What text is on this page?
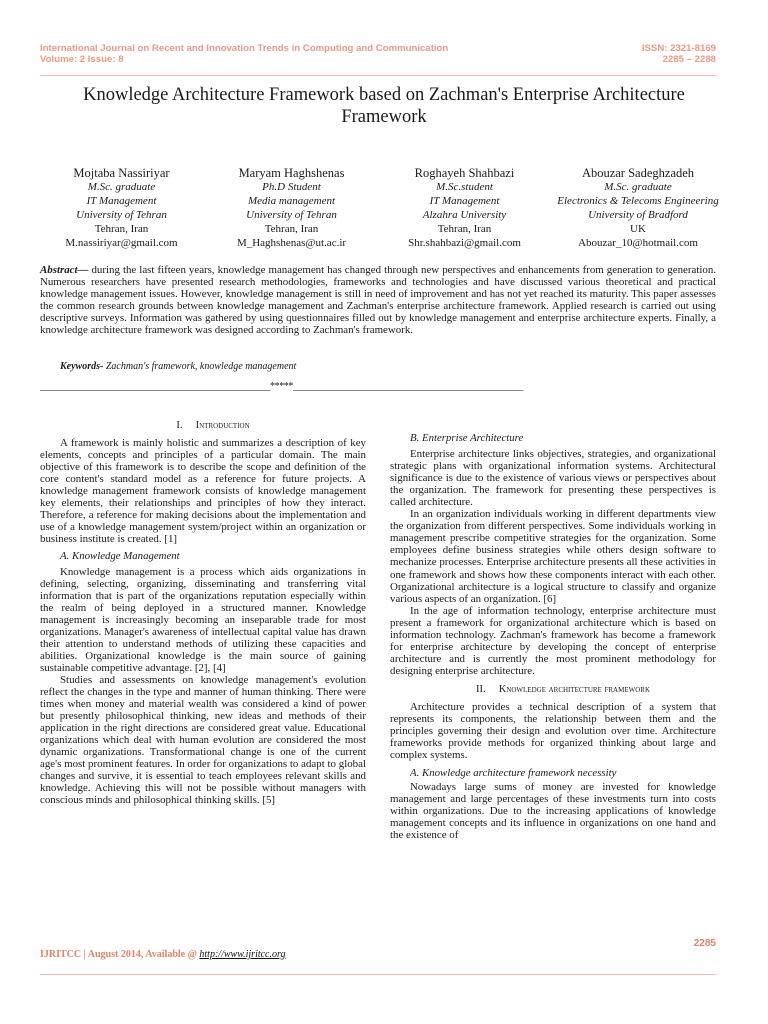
International Journal on Recent and Innovation Trends in Computing and Communication
Volume: 2 Issue: 8
ISSN: 2321-8169
2285 – 2288
Knowledge Architecture Framework based on Zachman's Enterprise Architecture
Framework
Mojtaba Nassiriyar
M.Sc. graduate
IT Management
University of Tehran
Tehran, Iran
M.nassiriyar@gmail.com
Maryam Haghshenas
Ph.D Student
Media management
University of Tehran
Tehran, Iran
M_Haghshenas@ut.ac.ir
Roghayeh Shahbazi
M.Sc.student
IT Management
Alzahra University
Tehran, Iran
Shr.shahbazi@gmail.com
Abouzar Sadeghzadeh
M.Sc. graduate
Electronics & Telecoms Engineering
University of Bradford
UK
Abouzar_10@hotmail.com
Abstract— during the last fifteen years, knowledge management has changed through new perspectives and enhancements from generation to generation. Numerous researchers have presented research methodologies, frameworks and technologies and have discussed various theoretical and practical knowledge management issues. However, knowledge management is still in need of improvement and has not yet reached its maturity. This paper assesses the common research grounds between knowledge management and Zachman's enterprise architecture framework. Applied research is carried out using descriptive surveys. Information was gathered by using questionnaires filled out by knowledge management and enterprise architecture experts. Finally, a knowledge architecture framework was designed according to Zachman's framework.
Keywords- Zachman's framework, knowledge management
__________________________________________________*****__________________________________________________

I. Introduction

A framework is mainly holistic and summarizes a description of key elements, concepts and principles of a particular domain. The main objective of this framework is to describe the scope and definition of the core content's standard model as a reference for future projects. A knowledge management framework consists of knowledge management key elements, their relationships and principles of how they interact. Therefore, a reference for making decisions about the implementation and use of a knowledge management system/project within an organization or business institute is created. [1]

A. Knowledge Management

Knowledge management is a process which aids organizations in defining, selecting, organizing, disseminating and transferring vital information that is part of the organizations reputation especially within the realm of being deployed in a structured manner. Knowledge management is increasingly becoming an inseparable trade for most organizations. Manager's awareness of intellectual capital value has drawn their attention to understand methods of utilizing these capacities and abilities. Organizational knowledge is the main source of gaining sustainable competitive advantage. [2], [4]

Studies and assessments on knowledge management's evolution reflect the changes in the type and manner of human thinking. There were times when money and material wealth was considered a kind of power but presently philosophical thinking, new ideas and methods of their application in the right directions are considered great value. Educational organizations which deal with human evolution are considered the most dynamic organizations. Transformational change is one of the current age's most prominent features. In order for organizations to adapt to global changes and survive, it is essential to teach employees relevant skills and knowledge. Achieving this will not be possible without managers with conscious minds and philosophical thinking skills. [5]

B. Enterprise Architecture

Enterprise architecture links objectives, strategies, and organizational strategic plans with organizational information systems. Architectural significance is due to the existence of various views or perspectives about the organization. The framework for presenting these perspectives is called architecture.

In an organization individuals working in different departments view the organization from different perspectives. Some individuals working in management prescribe competitive strategies for the organization. Some employees define business strategies while others design software to mechanize processes. Enterprise architecture presents all these activities in one framework and shows how these components interact with each other. Organizational architecture is a logical structure to classify and organize various aspects of an organization. [6]

In the age of information technology, enterprise architecture must present a framework for organizational architecture which is based on information technology. Zachman's framework has become a framework for enterprise architecture by developing the concept of enterprise architecture and is currently the most prominent methodology for designing enterprise architecture.

II. Knowledge architecture framework

Architecture provides a technical description of a system that represents its components, the relationship between them and the principles governing their design and evolution over time. Architecture frameworks provide methods for organized thinking about large and complex systems.

A. Knowledge architecture framework necessity

Nowadays large sums of money are invested for knowledge management and large percentages of these investments turn into costs within organizations. Due to the increasing applications of knowledge management concepts and its influence in organizations on one hand and the existence of

2285
IJRITCC | August 2014, Available @ http://www.ijritcc.org
